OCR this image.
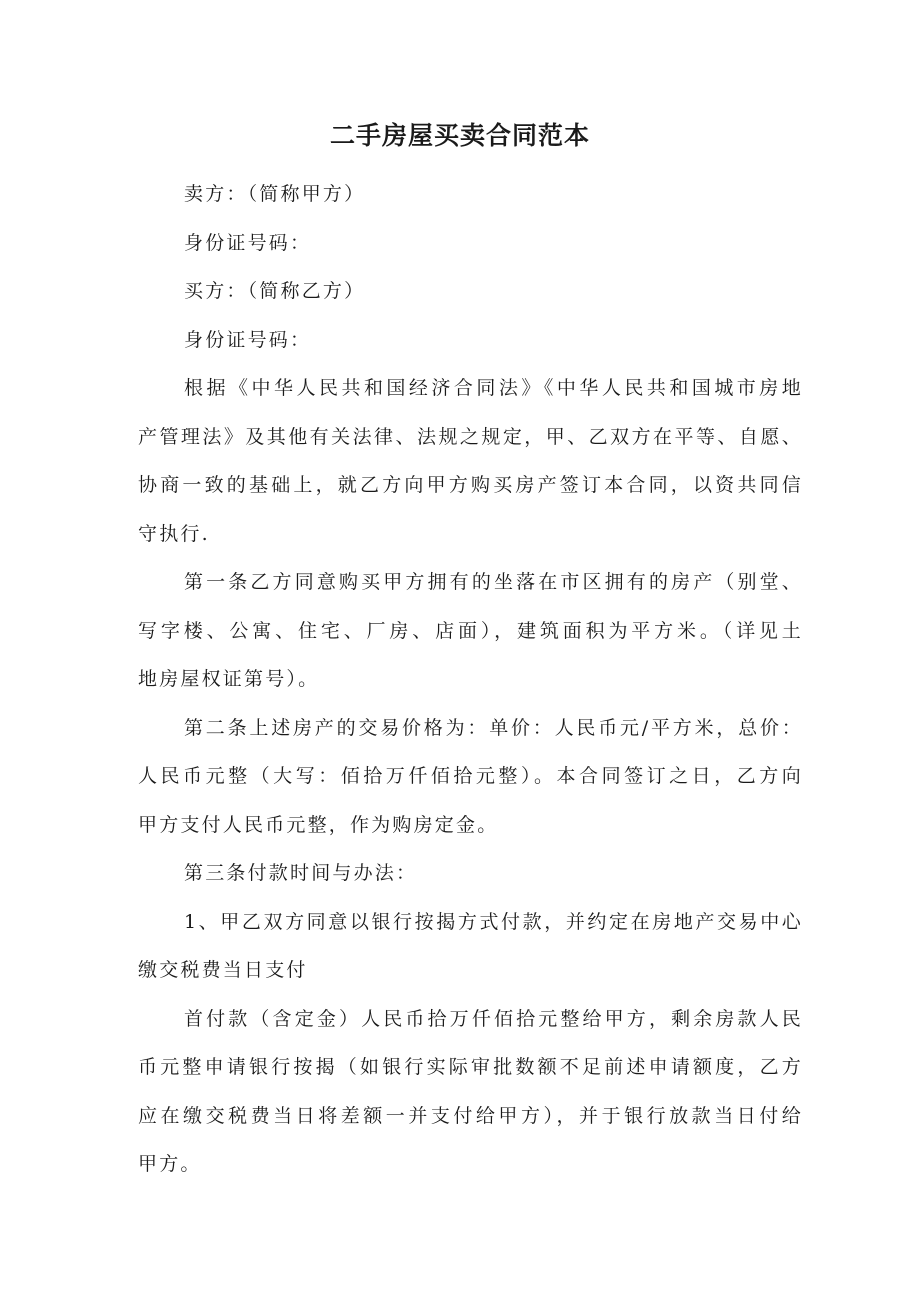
二手房屋买卖合同范本

卖方：（简称甲方）

身份证号码：

买方：（简称乙方）

身份证号码：

根据《中华人民共和国经济合同法》《中华人民共和国城市房地

产管理法》及其他有关法律、法规之规定，甲、乙双方在平等、自愿、

协商一致的基础上，就乙方向甲方购买房产签订本合同，以资共同信

守执行.

第一条乙方同意购买甲方拥有的坐落在市区拥有的房产（别堂、

写字楼、公寓、住宅、厂房、店面），建筑面积为平方米。（详见土

地房屋权证第号）。

第二条上述房产的交易价格为：单价：人民币元/平方米，总价：

人民币元整（大写：佰拾万仟佰拾元整）。本合同签订之日，乙方向

甲方支付人民币元整，作为购房定金。

第三条付款时间与办法：

1、甲乙双方同意以银行按揭方式付款，并约定在房地产交易中心

缴交税费当日支付

首付款（含定金）人民币拾万仟佰拾元整给甲方，剩余房款人民

币元整申请银行按揭（如银行实际审批数额不足前述申请额度，乙方

应在缴交税费当日将差额一并支付给甲方），并于银行放款当日付给

甲方。
